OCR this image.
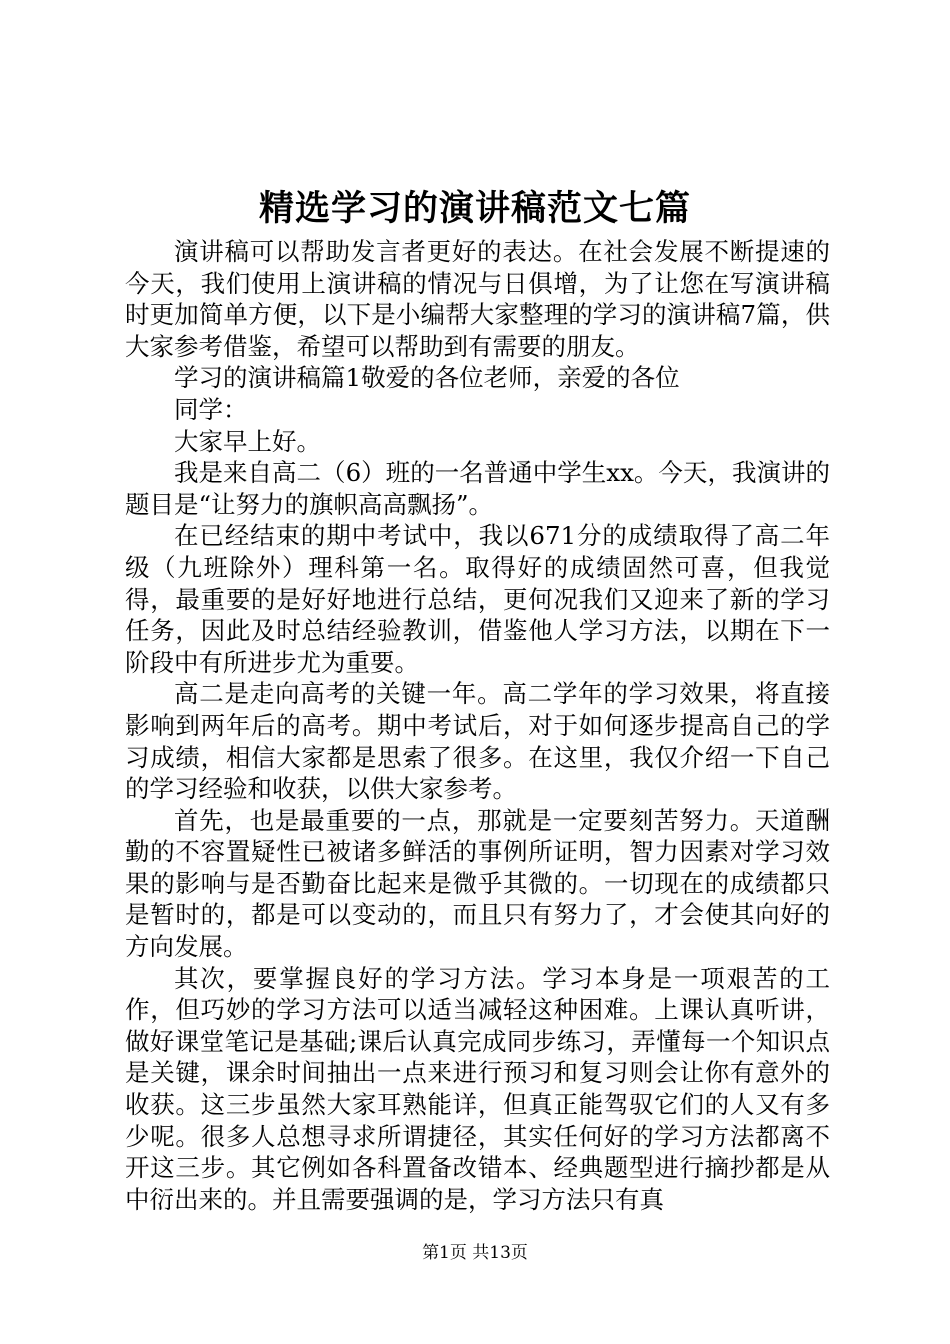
精选学习的演讲稿范文七篇

演讲稿可以帮助发言者更好的表达。在社会发展不断提速的今天，我们使用上演讲稿的情况与日俱增，为了让您在写演讲稿时更加简单方便，以下是小编帮大家整理的学习的演讲稿7篇，供大家参考借鉴，希望可以帮助到有需要的朋友。

学习的演讲稿篇1敬爱的各位老师，亲爱的各位

同学：

大家早上好。

我是来自高二（6）班的一名普通中学生xx。今天，我演讲的题目是“让努力的旗帜高高飘扬”。

在已经结束的期中考试中，我以671分的成绩取得了高二年级（九班除外）理科第一名。取得好的成绩固然可喜，但我觉得，最重要的是好好地进行总结，更何况我们又迎来了新的学习任务，因此及时总结经验教训，借鉴他人学习方法，以期在下一阶段中有所进步尤为重要。

高二是走向高考的关键一年。高二学年的学习效果，将直接影响到两年后的高考。期中考试后，对于如何逐步提高自己的学习成绩，相信大家都是思索了很多。在这里，我仅介绍一下自己的学习经验和收获，以供大家参考。

首先，也是最重要的一点，那就是一定要刻苦努力。天道酬勤的不容置疑性已被诸多鲜活的事例所证明，智力因素对学习效果的影响与是否勤奋比起来是微乎其微的。一切现在的成绩都只是暂时的，都是可以变动的，而且只有努力了，才会使其向好的方向发展。

其次，要掌握良好的学习方法。学习本身是一项艰苦的工作，但巧妙的学习方法可以适当减轻这种困难。上课认真听讲，做好课堂笔记是基础;课后认真完成同步练习，弄懂每一个知识点是关键，课余时间抽出一点来进行预习和复习则会让你有意外的收获。这三步虽然大家耳熟能详，但真正能驾驭它们的人又有多少呢。很多人总想寻求所谓捷径，其实任何好的学习方法都离不开这三步。其它例如各科置备改错本、经典题型进行摘抄都是从中衍出来的。并且需要强调的是，学习方法只有真

第1页 共13页
